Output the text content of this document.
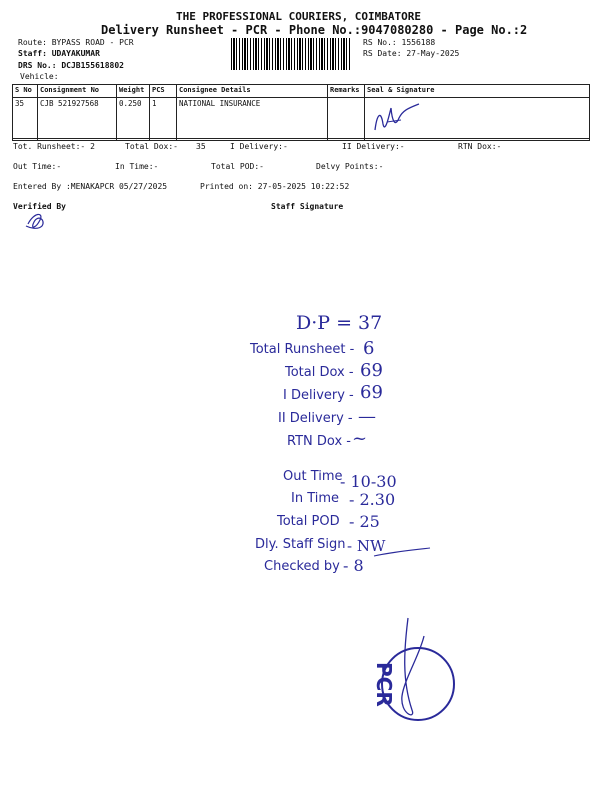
THE PROFESSIONAL COURIERS, COIMBATORE
Delivery Runsheet - PCR - Phone No.:9047080280 - Page No.:2
Route: BYPASS ROAD - PCR
Staff: UDAYAKUMAR
DRS No.: DCJB155618802
Vehicle:
RS No.: 1556188
RS Date: 27-May-2025
S No	Consignment No	Weight	PCS	Consignee Details	Remarks	Seal & Signature
35	CJB 521927568	0.250	1	NATIONAL INSURANCE		
Tot. Runsheet:- 2	Total Dox:- 35	I Delivery:-	II Delivery:-	RTN Dox:-
Out Time:-	In Time:-	Total POD:-	Delvy Points:-
Entered By :MENAKAPCR 05/27/2025	Printed on: 27-05-2025 10:22:52
Verified By	Staff Signature
D·P = 37
Total Runsheet - 6
Total Dox - 69
I Delivery - 69
II Delivery - —
RTN Dox - ~
Out Time
- 10-30
In Time - 2.30
Total POD - 25
Dly. Staff Sign - NW
Checked by - 8
PCR
